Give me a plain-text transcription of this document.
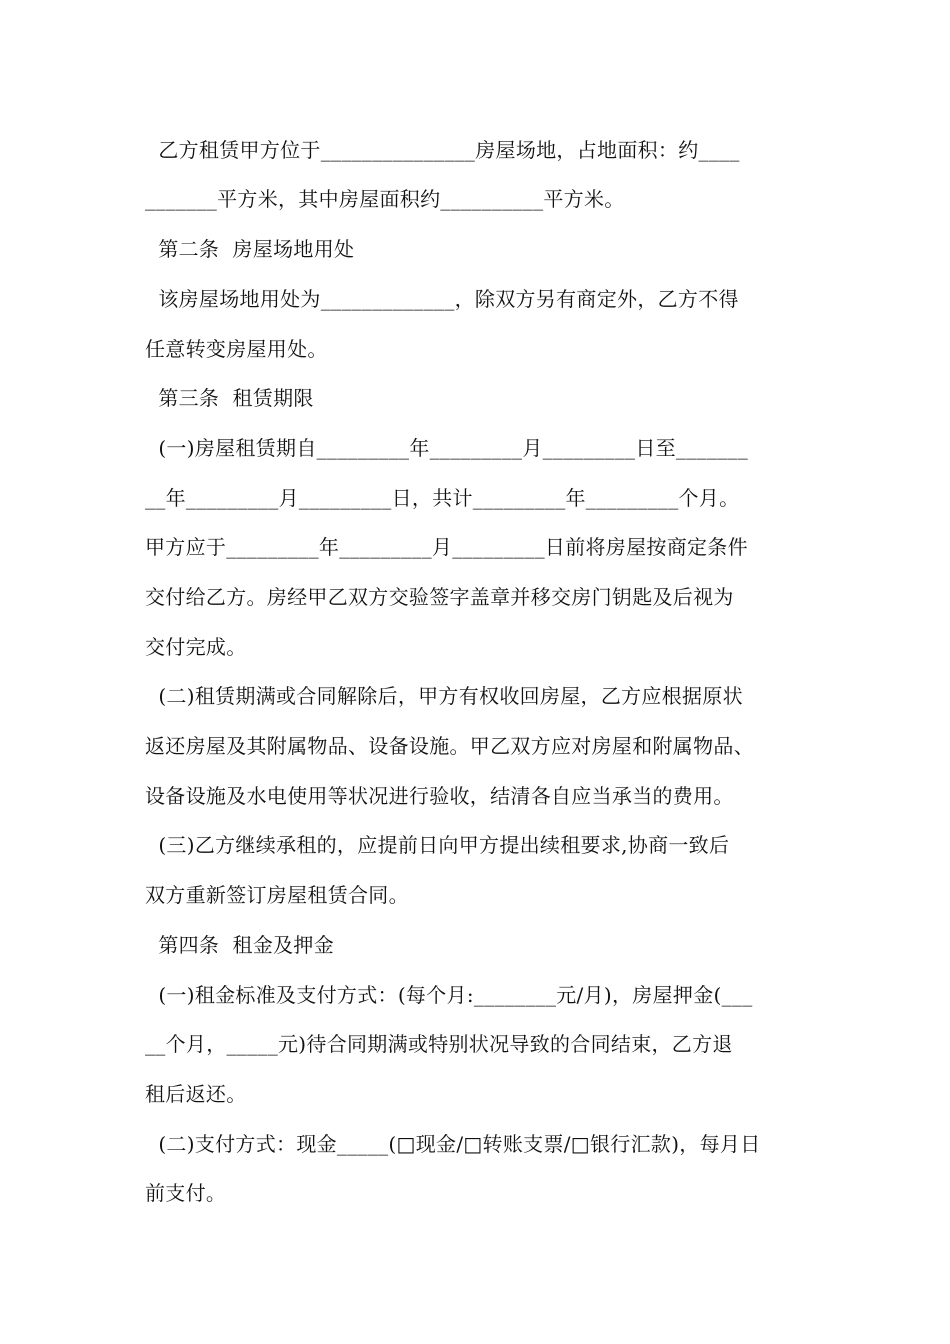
乙方租赁甲方位于_______________房屋场地，占地面积：约____

_______平方米，其中房屋面积约__________平方米。

第二条  房屋场地用处

该房屋场地用处为_____________，除双方另有商定外，乙方不得

任意转变房屋用处。

第三条  租赁期限

(一)房屋租赁期自_________年_________月_________日至_______

__年_________月_________日，共计_________年_________个月。

甲方应于_________年_________月_________日前将房屋按商定条件

交付给乙方。房经甲乙双方交验签字盖章并移交房门钥匙及后视为

交付完成。

(二)租赁期满或合同解除后，甲方有权收回房屋，乙方应根据原状

返还房屋及其附属物品、设备设施。甲乙双方应对房屋和附属物品、

设备设施及水电使用等状况进行验收，结清各自应当承当的费用。

(三)乙方继续承租的，应提前日向甲方提出续租要求,协商一致后

双方重新签订房屋租赁合同。

第四条  租金及押金

(一)租金标准及支付方式：(每个月:________元/月)，房屋押金(___

__个月，_____元)待合同期满或特别状况导致的合同结束，乙方退

租后返还。

(二)支付方式：现金_____(□现金/□转账支票/□银行汇款)，每月日

前支付。
